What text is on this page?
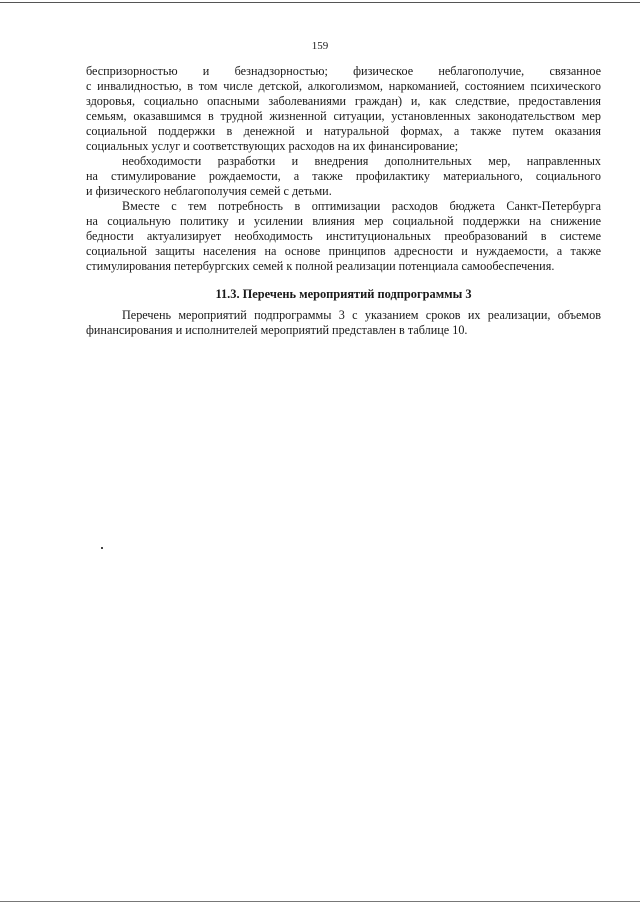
159
беспризорностью и безнадзорностью; физическое неблагополучие, связанное
с инвалидностью, в том числе детской, алкоголизмом, наркоманией, состоянием психического
здоровья, социально опасными заболеваниями граждан) и, как следствие, предоставления
семьям, оказавшимся в трудной жизненной ситуации, установленных законодательством мер
социальной поддержки в денежной и натуральной формах, а также путем оказания
социальных услуг и соответствующих расходов на их финансирование;
необходимости разработки и внедрения дополнительных мер, направленных
на стимулирование рождаемости, а также профилактику материального, социального
и физического неблагополучия семей с детьми.
Вместе с тем потребность в оптимизации расходов бюджета Санкт-Петербурга
на социальную политику и усилении влияния мер социальной поддержки на снижение
бедности актуализирует необходимость институциональных преобразований в системе
социальной защиты населения на основе принципов адресности и нуждаемости, а также
стимулирования петербургских семей к полной реализации потенциала самообеспечения.
11.3. Перечень мероприятий подпрограммы 3
Перечень мероприятий подпрограммы 3 с указанием сроков их реализации, объемов
финансирования и исполнителей мероприятий представлен в таблице 10.
